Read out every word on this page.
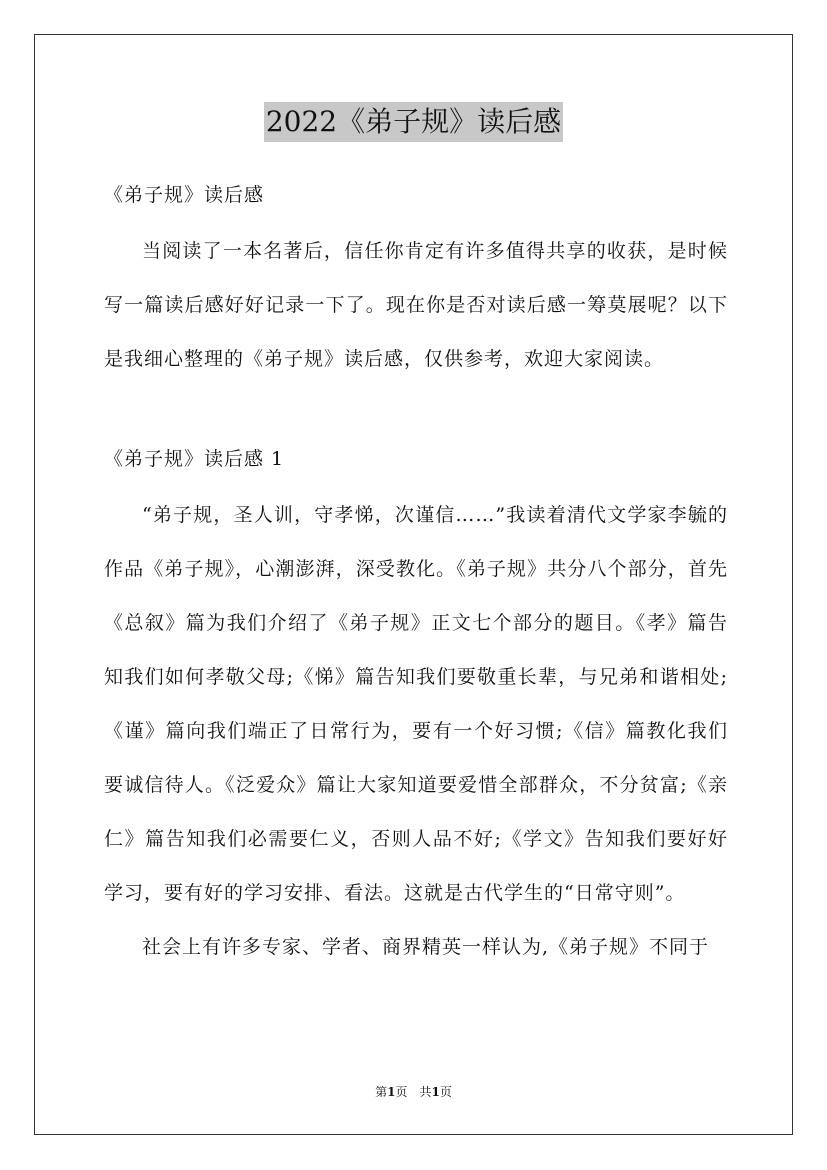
2022《弟子规》读后感

《弟子规》读后感

当阅读了一本名著后，信任你肯定有许多值得共享的收获，是时候写一篇读后感好好记录一下了。现在你是否对读后感一筹莫展呢？以下是我细心整理的《弟子规》读后感，仅供参考，欢迎大家阅读。

《弟子规》读后感 1

“弟子规，圣人训，守孝悌，次谨信……”我读着清代文学家李毓的作品《弟子规》，心潮澎湃，深受教化。《弟子规》共分八个部分，首先《总叙》篇为我们介绍了《弟子规》正文七个部分的题目。《孝》篇告知我们如何孝敬父母;《悌》篇告知我们要敬重长辈，与兄弟和谐相处;《谨》篇向我们端正了日常行为，要有一个好习惯;《信》篇教化我们要诚信待人。《泛爱众》篇让大家知道要爱惜全部群众，不分贫富;《亲仁》篇告知我们必需要仁义，否则人品不好;《学文》告知我们要好好学习，要有好的学习安排、看法。这就是古代学生的“日常守则”。

社会上有许多专家、学者、商界精英一样认为,《弟子规》不同于

第1页　共1页
